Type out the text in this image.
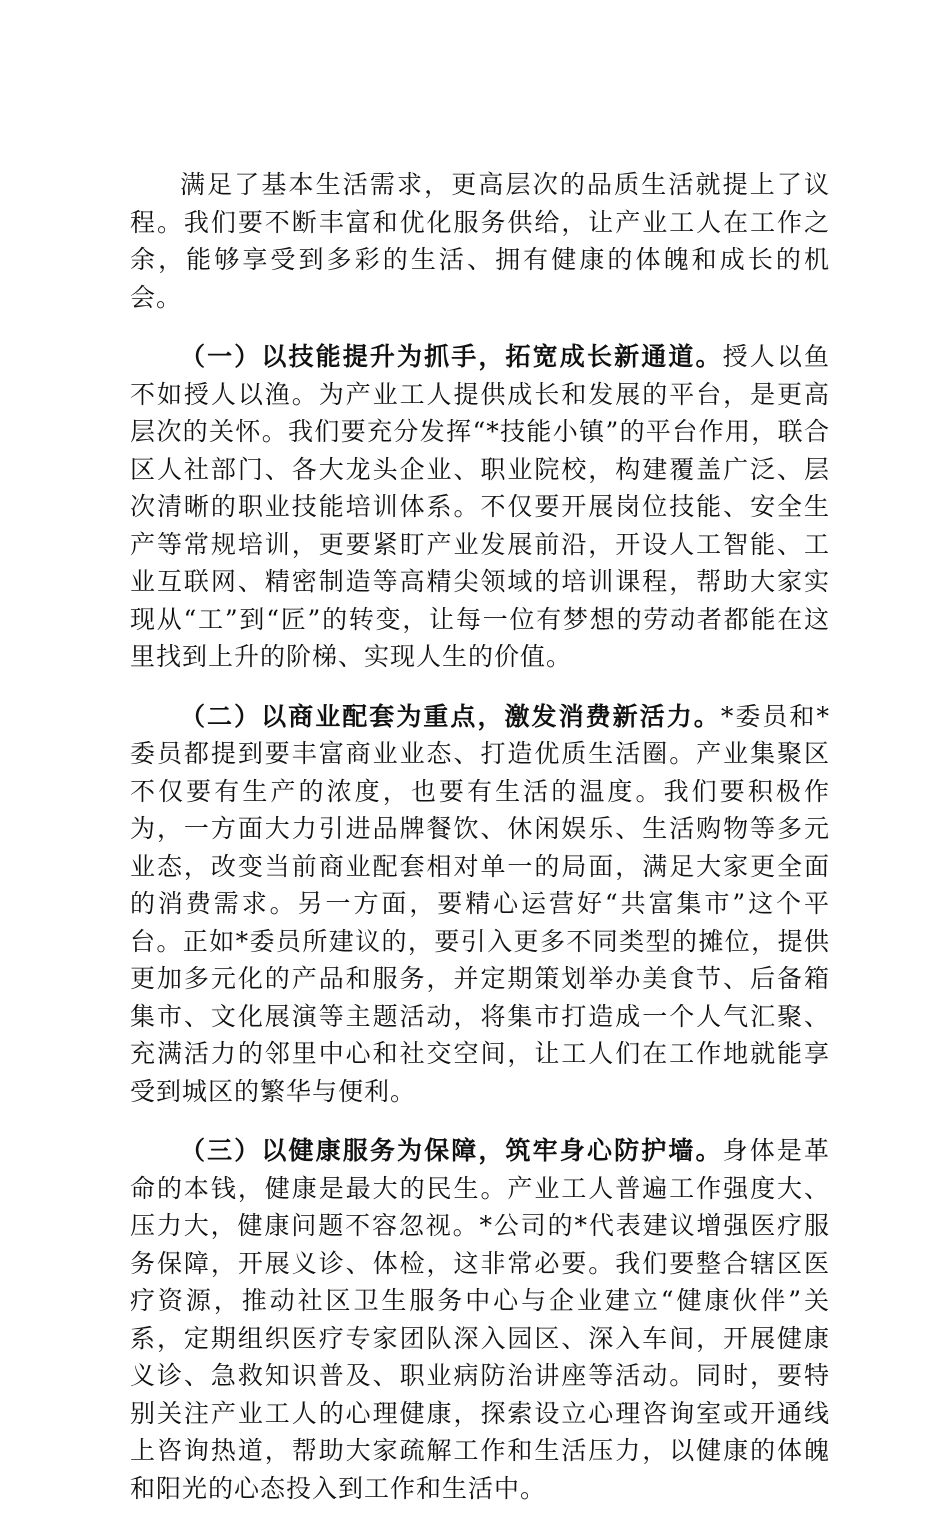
满足了基本生活需求，更高层次的品质生活就提上了议程。我们要不断丰富和优化服务供给，让产业工人在工作之余，能够享受到多彩的生活、拥有健康的体魄和成长的机会。

（一）以技能提升为抓手，拓宽成长新通道。授人以鱼不如授人以渔。为产业工人提供成长和发展的平台，是更高层次的关怀。我们要充分发挥“*技能小镇”的平台作用，联合区人社部门、各大龙头企业、职业院校，构建覆盖广泛、层次清晰的职业技能培训体系。不仅要开展岗位技能、安全生产等常规培训，更要紧盯产业发展前沿，开设人工智能、工业互联网、精密制造等高精尖领域的培训课程，帮助大家实现从“工”到“匠”的转变，让每一位有梦想的劳动者都能在这里找到上升的阶梯、实现人生的价值。

（二）以商业配套为重点，激发消费新活力。*委员和*委员都提到要丰富商业业态、打造优质生活圈。产业集聚区不仅要有生产的浓度，也要有生活的温度。我们要积极作为，一方面大力引进品牌餐饮、休闲娱乐、生活购物等多元业态，改变当前商业配套相对单一的局面，满足大家更全面的消费需求。另一方面，要精心运营好“共富集市”这个平台。正如*委员所建议的，要引入更多不同类型的摊位，提供更加多元化的产品和服务，并定期策划举办美食节、后备箱集市、文化展演等主题活动，将集市打造成一个人气汇聚、充满活力的邻里中心和社交空间，让工人们在工作地就能享受到城区的繁华与便利。

（三）以健康服务为保障，筑牢身心防护墙。身体是革命的本钱，健康是最大的民生。产业工人普遍工作强度大、压力大，健康问题不容忽视。*公司的*代表建议增强医疗服务保障，开展义诊、体检，这非常必要。我们要整合辖区医疗资源，推动社区卫生服务中心与企业建立“健康伙伴”关系，定期组织医疗专家团队深入园区、深入车间，开展健康义诊、急救知识普及、职业病防治讲座等活动。同时，要特别关注产业工人的心理健康，探索设立心理咨询室或开通线上咨询热道，帮助大家疏解工作和生活压力，以健康的体魄和阳光的心态投入到工作和生活中。
